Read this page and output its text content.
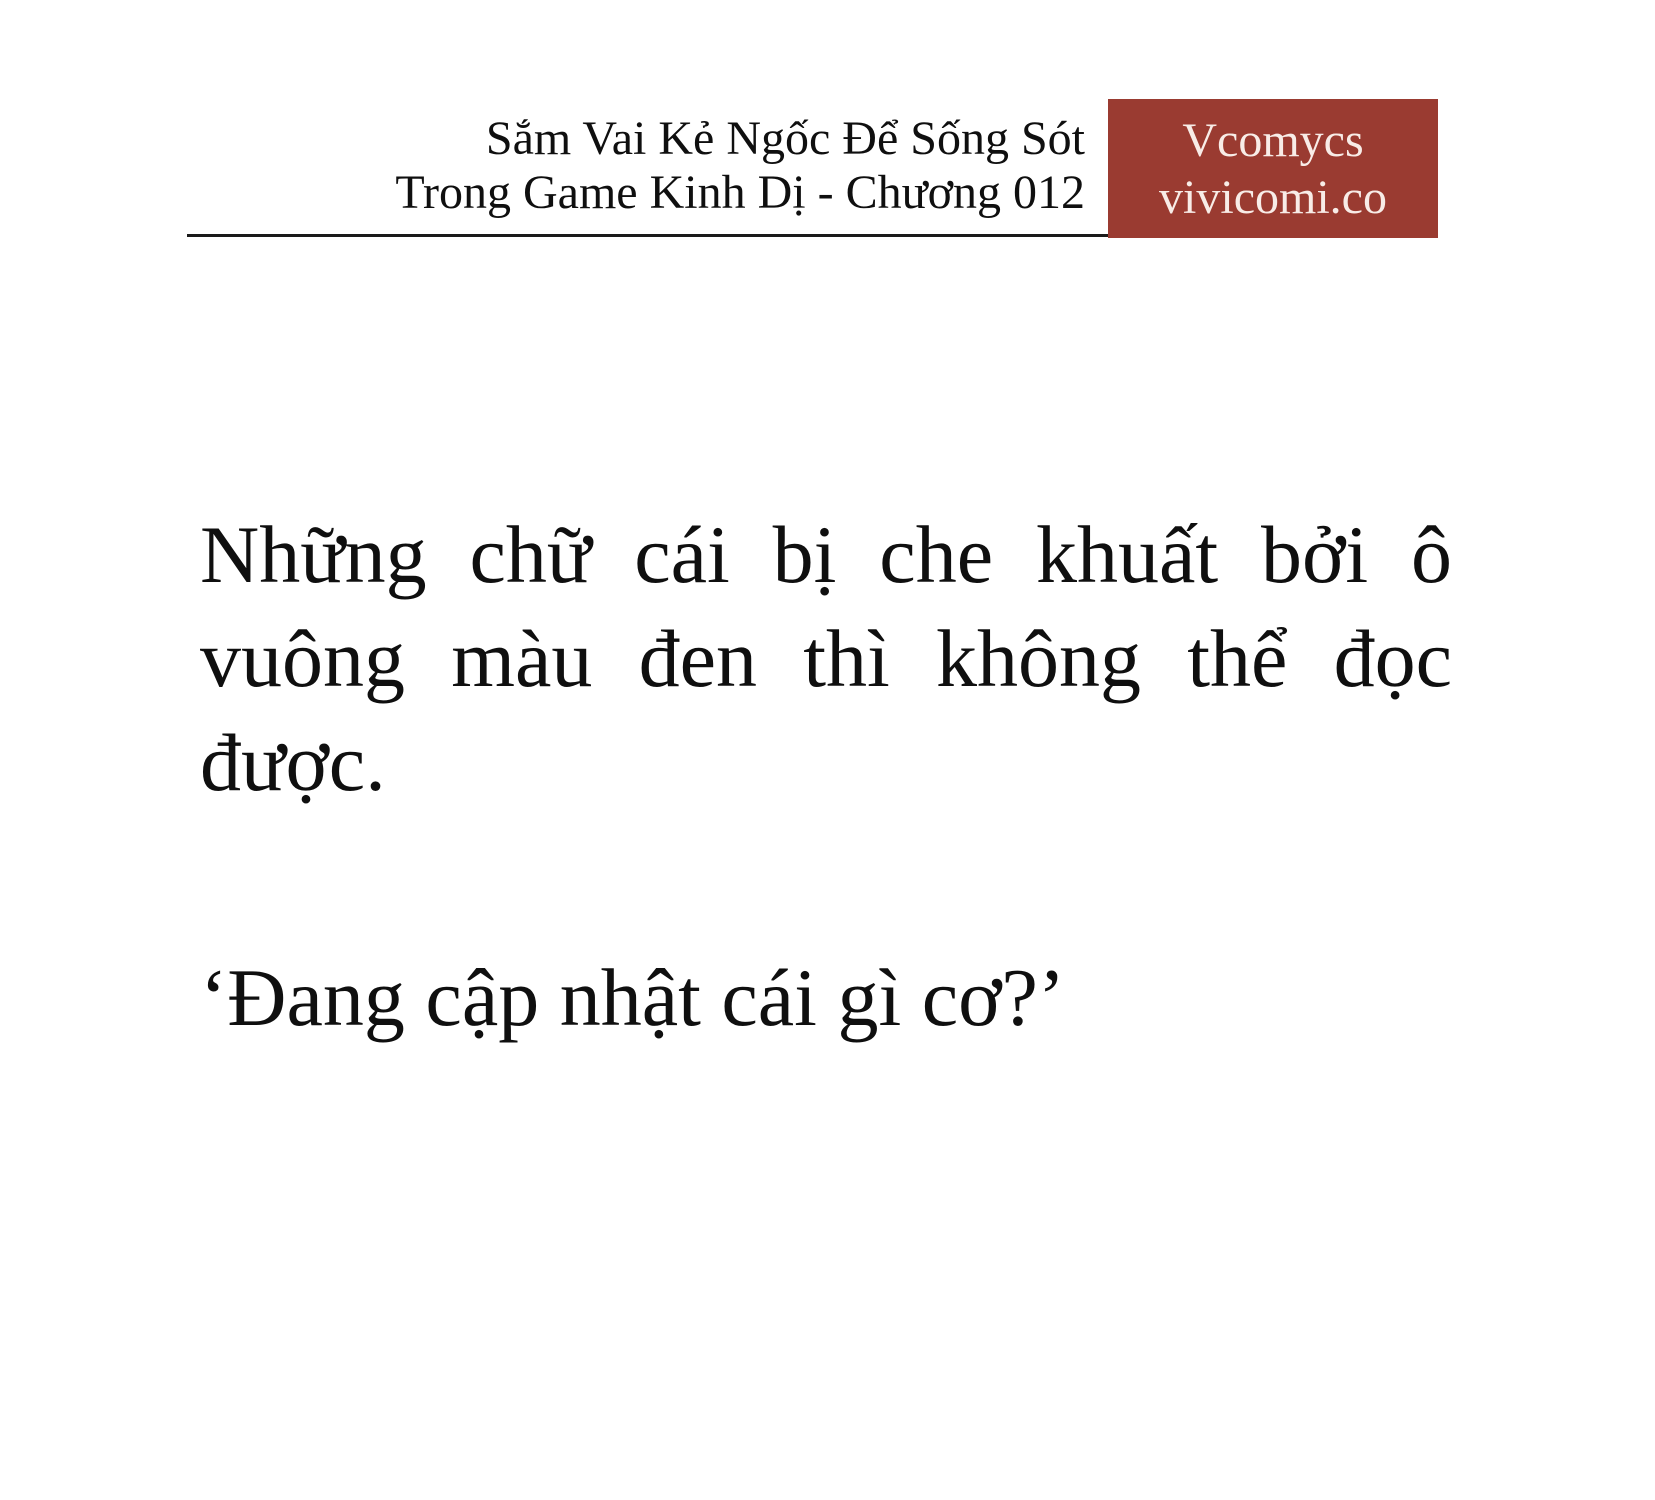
Sắm Vai Kẻ Ngốc Để Sống Sót
Trong Game Kinh Dị - Chương 012
Vcomycs
vivicomi.co
Những chữ cái bị che khuất bởi ô
vuông màu đen thì không thể đọc
được.
‘Đang cập nhật cái gì cơ?’
